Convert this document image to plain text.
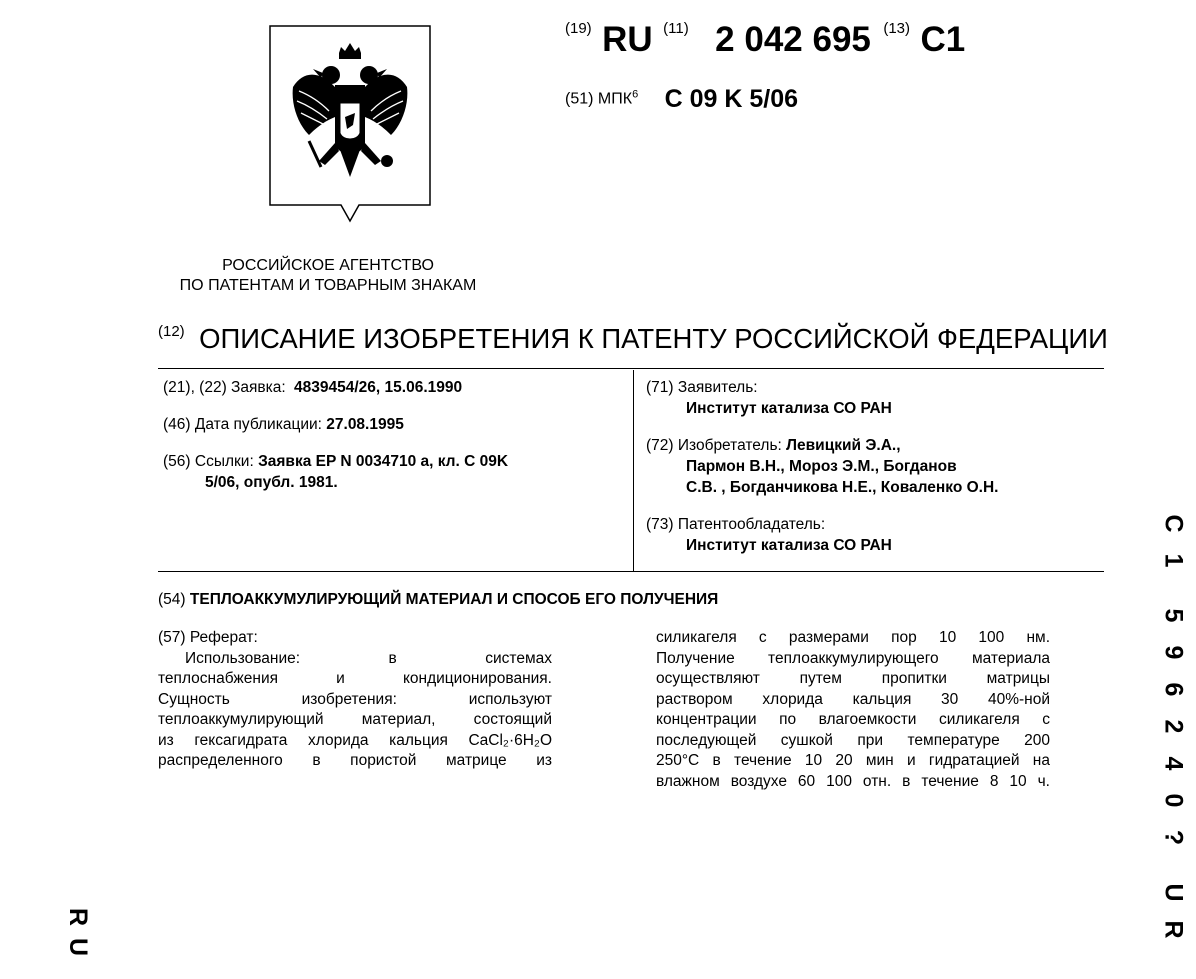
РОССИЙСКОЕ АГЕНТСТВО
ПО ПАТЕНТАМ И ТОВАРНЫМ ЗНАКАМ
(19) RU (11) 2 042 695 (13) C1
(51) МПК$^6$ C 09 K 5/06
(12) ОПИСАНИЕ ИЗОБРЕТЕНИЯ К ПАТЕНТУ РОССИЙСКОЙ ФЕДЕРАЦИИ
(21), (22) Заявка: 4839454/26, 15.06.1990
(46) Дата публикации: 27.08.1995
(56) Ссылки: Заявка EP N 0034710 a, кл. C 09K
5/06, опубл. 1981.
(71) Заявитель:
Институт катализа СО РАН
(72) Изобретатель: Левицкий Э.А.,
Пармон В.Н., Мороз Э.М., Богданов
С.В. , Богданчикова Н.Е., Коваленко О.Н.
(73) Патентообладатель:
Институт катализа СО РАН
(54) ТЕПЛОАККУМУЛИРУЮЩИЙ МАТЕРИАЛ И СПОСОБ ЕГО ПОЛУЧЕНИЯ

(57) Реферат:

Использование: в системах

теплоснабжения и кондиционирования.

Сущность изобретения: используют

теплоаккумулирующий материал, состоящий

из гексагидрата хлорида кальция CaCl₂·6H₂O

распределенного в пористой матрице из

силикагеля с размерами пор 10 100 нм.

Получение теплоаккумулирующего материала

осуществляют путем пропитки матрицы

раствором хлорида кальция 30 40%-ной

концентрации по влагоемкости силикагеля с

последующей сушкой при температуре 200

250°C в течение 10 20 мин и гидратацией на

влажном воздухе 60 100 отн. в течение 8 10 ч.

C
1
5
9
6
2
4
0
?
U
R
R
U
